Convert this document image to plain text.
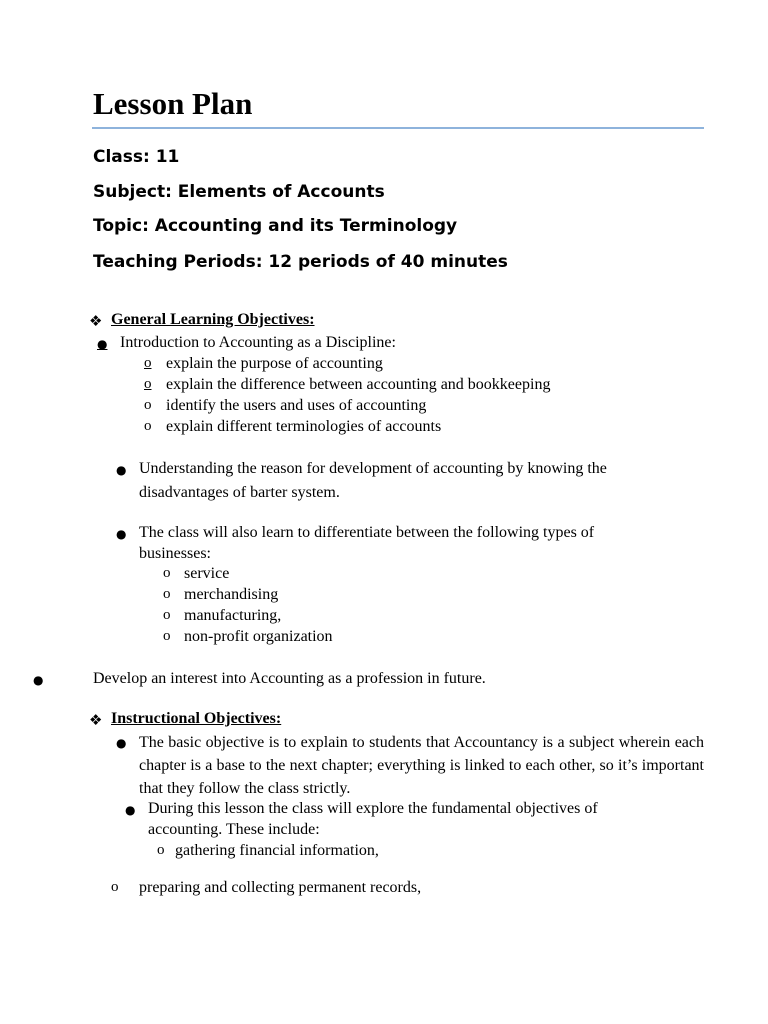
Lesson Plan
Class: 11
Subject: Elements of Accounts
Topic: Accounting and its Terminology
Teaching Periods: 12 periods of 40 minutes
❖ General Learning Objectives:
● Introduction to Accounting as a Discipline:
o explain the purpose of accounting
o explain the difference between accounting and bookkeeping
o identify the users and uses of accounting
o explain different terminologies of accounts
● Understanding the reason for development of accounting by knowing the
disadvantages of barter system.
● The class will also learn to differentiate between the following types of
businesses:
o service
o merchandising
o manufacturing,
o non-profit organization
●	Develop an interest into Accounting as a profession in future.
❖ Instructional Objectives:
● The basic objective is to explain to students that Accountancy is a subject wherein each chapter is a base to the next chapter; everything is linked to each other, so it’s important that they follow the class strictly.
● During this lesson the class will explore the fundamental objectives of
accounting. These include:
o gathering financial information,
o preparing and collecting permanent records,
